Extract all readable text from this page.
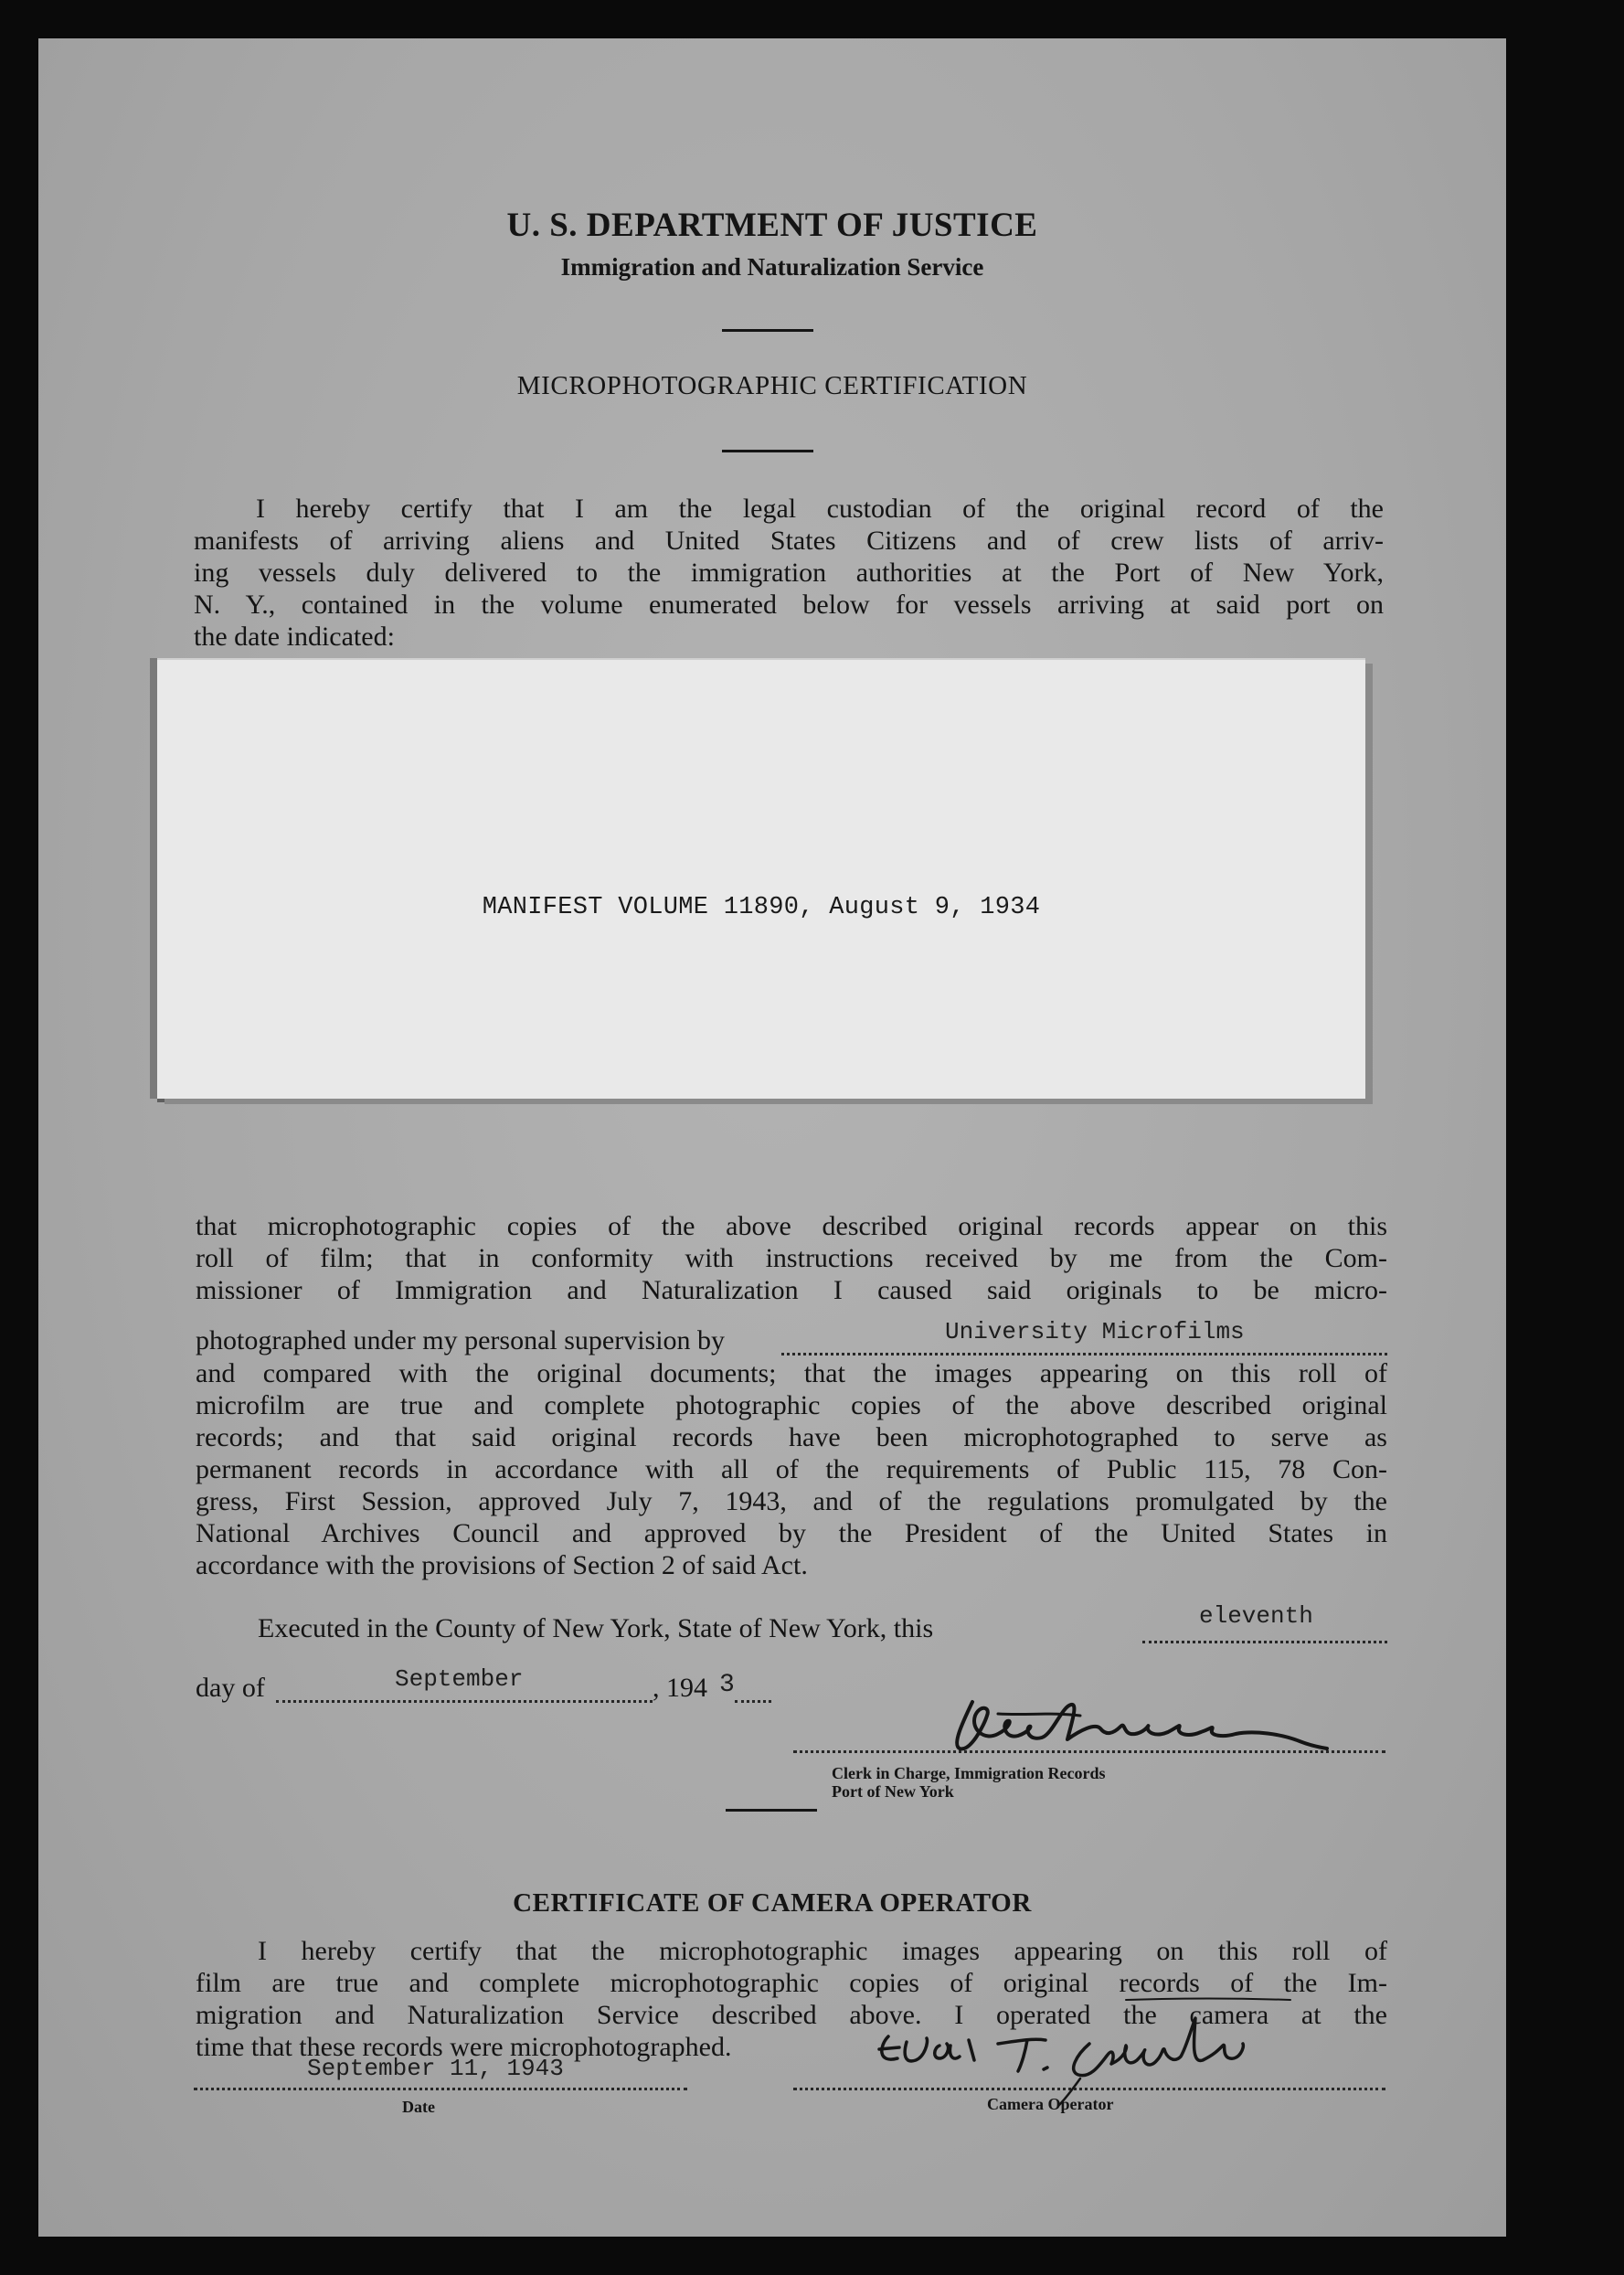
U. S. DEPARTMENT OF JUSTICE
Immigration and Naturalization Service
MICROPHOTOGRAPHIC CERTIFICATION
I hereby certify that I am the legal custodian of the original record of the
manifests of arriving aliens and United States Citizens and of crew lists of arriv-
ing vessels duly delivered to the immigration authorities at the Port of New York,
N. Y., contained in the volume enumerated below for vessels arriving at said port on
the date indicated:
MANIFEST VOLUME 11890, August 9, 1934
that microphotographic copies of the above described original records appear on this
roll of film; that in conformity with instructions received by me from the Com-
missioner of Immigration and Naturalization I caused said originals to be micro-
photographed under my personal supervision by	University Microfilms
and compared with the original documents; that the images appearing on this roll of
microfilm are true and complete photographic copies of the above described original
records; and that said original records have been microphotographed to serve as
permanent records in accordance with all of the requirements of Public 115, 78 Con-
gress, First Session, approved July 7, 1943, and of the regulations promulgated by the
National Archives Council and approved by the President of the United States in
accordance with the provisions of Section 2 of said Act.
Executed in the County of New York, State of New York, this	eleventh
day of	September	, 194 3
Clerk in Charge, Immigration Records
Port of New York
CERTIFICATE OF CAMERA OPERATOR
I hereby certify that the microphotographic images appearing on this roll of
film are true and complete microphotographic copies of original records of the Im-
migration and Naturalization Service described above. I operated the camera at the
time that these records were microphotographed.
September 11, 1943
Date	Camera Operator
